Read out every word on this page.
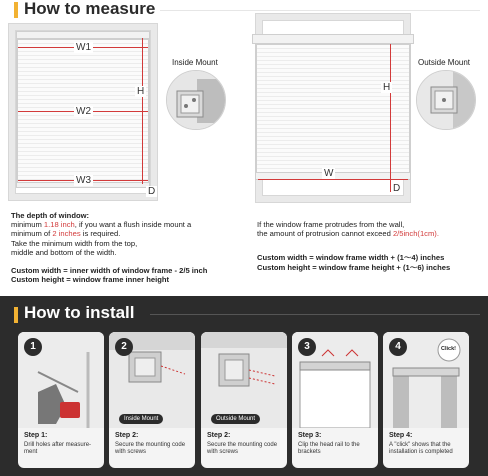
How to measure
W1
W2
W3
H
D
Inside Mount
W
H
D
Outside Mount
The depth of window:
minimum 1.18 inch, if you want a flush inside mount a
minimum of 2 inches is required.
Take the minimum width from the top,
middle and bottom of the width.
Custom width = inner width of window frame - 2/5 inch
Custom height = window frame inner height
If the window frame protrudes from the wall,
the amount of protrusion cannot exceed 2/5inch(1cm).
Custom width = window frame width + (1～4) inches
Custom height = window frame height + (1～6) inches
How to install
1
Step 1:
Drill holes after measure-ment
2
Inside Mount
Step 2:
Secure the mounting code with screws
Outside Mount
Step 2:
Secure the mounting code with screws
3
Step 3:
Clip the head rail to the brackets
4	Click!
Step 4:
A "click" shows that the installation is completed
